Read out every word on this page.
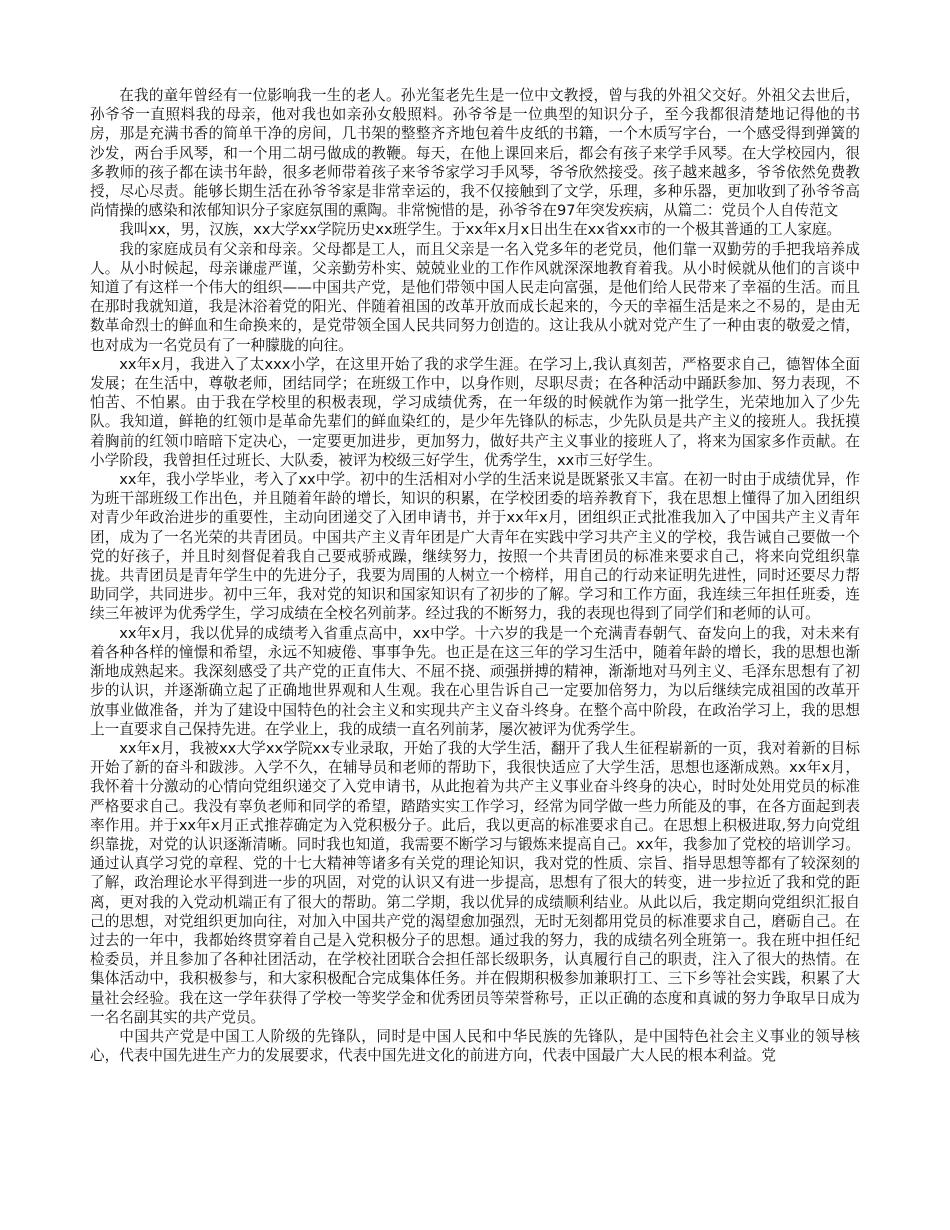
在我的童年曾经有一位影响我一生的老人。孙光玺老先生是一位中文教授，曾与我的外祖父交好。外祖父去世后，孙爷爷一直照料我的母亲，他对我也如亲孙女般照料。孙爷爷是一位典型的知识分子，至今我都很清楚地记得他的书房，那是充满书香的简单干净的房间，几书架的整整齐齐地包着牛皮纸的书籍，一个木质写字台，一个感受得到弹簧的沙发，两台手风琴，和一个用二胡弓做成的教鞭。每天，在他上课回来后，都会有孩子来学手风琴。在大学校园内，很多教师的孩子都在读书年龄，很多老师带着孩子来爷爷家学习手风琴，爷爷欣然接受。孩子越来越多，爷爷依然免费教授，尽心尽责。能够长期生活在孙爷爷家是非常幸运的，我不仅接触到了文学，乐理，多种乐器，更加收到了孙爷爷高尚情操的感染和浓郁知识分子家庭氛围的熏陶。非常惋惜的是，孙爷爷在97年突发疾病，从篇二：党员个人自传范文

我叫xx，男，汉族，xx大学xx学院历史xx班学生。于xx年x月x日出生在xx省xx市的一个极其普通的工人家庭。

我的家庭成员有父亲和母亲。父母都是工人，而且父亲是一名入党多年的老党员，他们靠一双勤劳的手把我培养成人。从小时候起，母亲谦虚严谨，父亲勤劳朴实、兢兢业业的工作作风就深深地教育着我。从小时候就从他们的言谈中知道了有这样一个伟大的组织——中国共产党，是他们带领中国人民走向富强，是他们给人民带来了幸福的生活。而且在那时我就知道，我是沐浴着党的阳光、伴随着祖国的改革开放而成长起来的，今天的幸福生活是来之不易的，是由无数革命烈士的鲜血和生命换来的，是党带领全国人民共同努力创造的。这让我从小就对党产生了一种由衷的敬爱之情，也对成为一名党员有了一种朦胧的向往。

xx年x月，我进入了太xxx小学，在这里开始了我的求学生涯。在学习上,我认真刻苦，严格要求自己，德智体全面发展；在生活中，尊敬老师，团结同学；在班级工作中，以身作则，尽职尽责；在各种活动中踊跃参加、努力表现，不怕苦、不怕累。由于我在学校里的积极表现，学习成绩优秀，在一年级的时候就作为第一批学生，光荣地加入了少先队。我知道，鲜艳的红领巾是革命先辈们的鲜血染红的，是少年先锋队的标志，少先队员是共产主义的接班人。我抚摸着胸前的红领巾暗暗下定决心，一定要更加进步，更加努力，做好共产主义事业的接班人了，将来为国家多作贡献。在小学阶段，我曾担任过班长、大队委，被评为校级三好学生，优秀学生，xx市三好学生。

xx年，我小学毕业，考入了xx中学。初中的生活相对小学的生活来说是既紧张又丰富。在初一时由于成绩优异，作为班干部班级工作出色，并且随着年龄的增长，知识的积累，在学校团委的培养教育下，我在思想上懂得了加入团组织对青少年政治进步的重要性，主动向团递交了入团申请书，并于xx年x月，团组织正式批准我加入了中国共产主义青年团，成为了一名光荣的共青团员。中国共产主义青年团是广大青年在实践中学习共产主义的学校，我告诫自己要做一个党的好孩子，并且时刻督促着我自己要戒骄戒躁，继续努力，按照一个共青团员的标准来要求自己，将来向党组织靠拢。共青团员是青年学生中的先进分子，我要为周围的人树立一个榜样，用自己的行动来证明先进性，同时还要尽力帮助同学，共同进步。初中三年，我对党的知识和国家知识有了初步的了解。学习和工作方面，我连续三年担任班委，连续三年被评为优秀学生，学习成绩在全校名列前茅。经过我的不断努力，我的表现也得到了同学们和老师的认可。

xx年x月，我以优异的成绩考入省重点高中，xx中学。十六岁的我是一个充满青春朝气、奋发向上的我，对未来有着各种各样的憧憬和希望，永远不知疲倦、事事争先。也正是在这三年的学习生活中，随着年龄的增长，我的思想也渐渐地成熟起来。我深刻感受了共产党的正直伟大、不屈不挠、顽强拼搏的精神，渐渐地对马列主义、毛泽东思想有了初步的认识，并逐渐确立起了正确地世界观和人生观。我在心里告诉自己一定要加倍努力，为以后继续完成祖国的改革开放事业做准备，并为了建设中国特色的社会主义和实现共产主义奋斗终身。在整个高中阶段，在政治学习上，我的思想上一直要求自己保持先进。在学业上，我的成绩一直名列前茅，屡次被评为优秀学生。

xx年x月，我被xx大学xx学院xx专业录取，开始了我的大学生活，翻开了我人生征程崭新的一页，我对着新的目标开始了新的奋斗和跋涉。入学不久，在辅导员和老师的帮助下，我很快适应了大学生活，思想也逐渐成熟。xx年x月，我怀着十分激动的心情向党组织递交了入党申请书，从此抱着为共产主义事业奋斗终身的决心，时时处处用党员的标准严格要求自己。我没有辜负老师和同学的希望，踏踏实实工作学习，经常为同学做一些力所能及的事，在各方面起到表率作用。并于xx年x月正式推荐确定为入党积极分子。此后，我以更高的标准要求自己。在思想上积极进取,努力向党组织靠拢，对党的认识逐渐清晰。同时我也知道，我需要不断学习与锻炼来提高自己。xx年，我参加了党校的培训学习。通过认真学习党的章程、党的十七大精神等诸多有关党的理论知识，我对党的性质、宗旨、指导思想等都有了较深刻的了解，政治理论水平得到进一步的巩固，对党的认识又有进一步提高，思想有了很大的转变，进一步拉近了我和党的距离，更对我的入党动机端正有了很大的帮助。第二学期，我以优异的成绩顺利结业。从此以后，我定期向党组织汇报自己的思想，对党组织更加向往，对加入中国共产党的渴望愈加强烈，无时无刻都用党员的标准要求自己，磨砺自己。在过去的一年中，我都始终贯穿着自己是入党积极分子的思想。通过我的努力，我的成绩名列全班第一。我在班中担任纪检委员，并且参加了各种社团活动，在学校社团联合会担任部长级职务，认真履行自己的职责，注入了很大的热情。在集体活动中，我积极参与，和大家积极配合完成集体任务。并在假期积极参加兼职打工、三下乡等社会实践，积累了大量社会经验。我在这一学年获得了学校一等奖学金和优秀团员等荣誉称号，正以正确的态度和真诚的努力争取早日成为一名名副其实的共产党员。

中国共产党是中国工人阶级的先锋队，同时是中国人民和中华民族的先锋队，是中国特色社会主义事业的领导核心，代表中国先进生产力的发展要求，代表中国先进文化的前进方向，代表中国最广大人民的根本利益。党
